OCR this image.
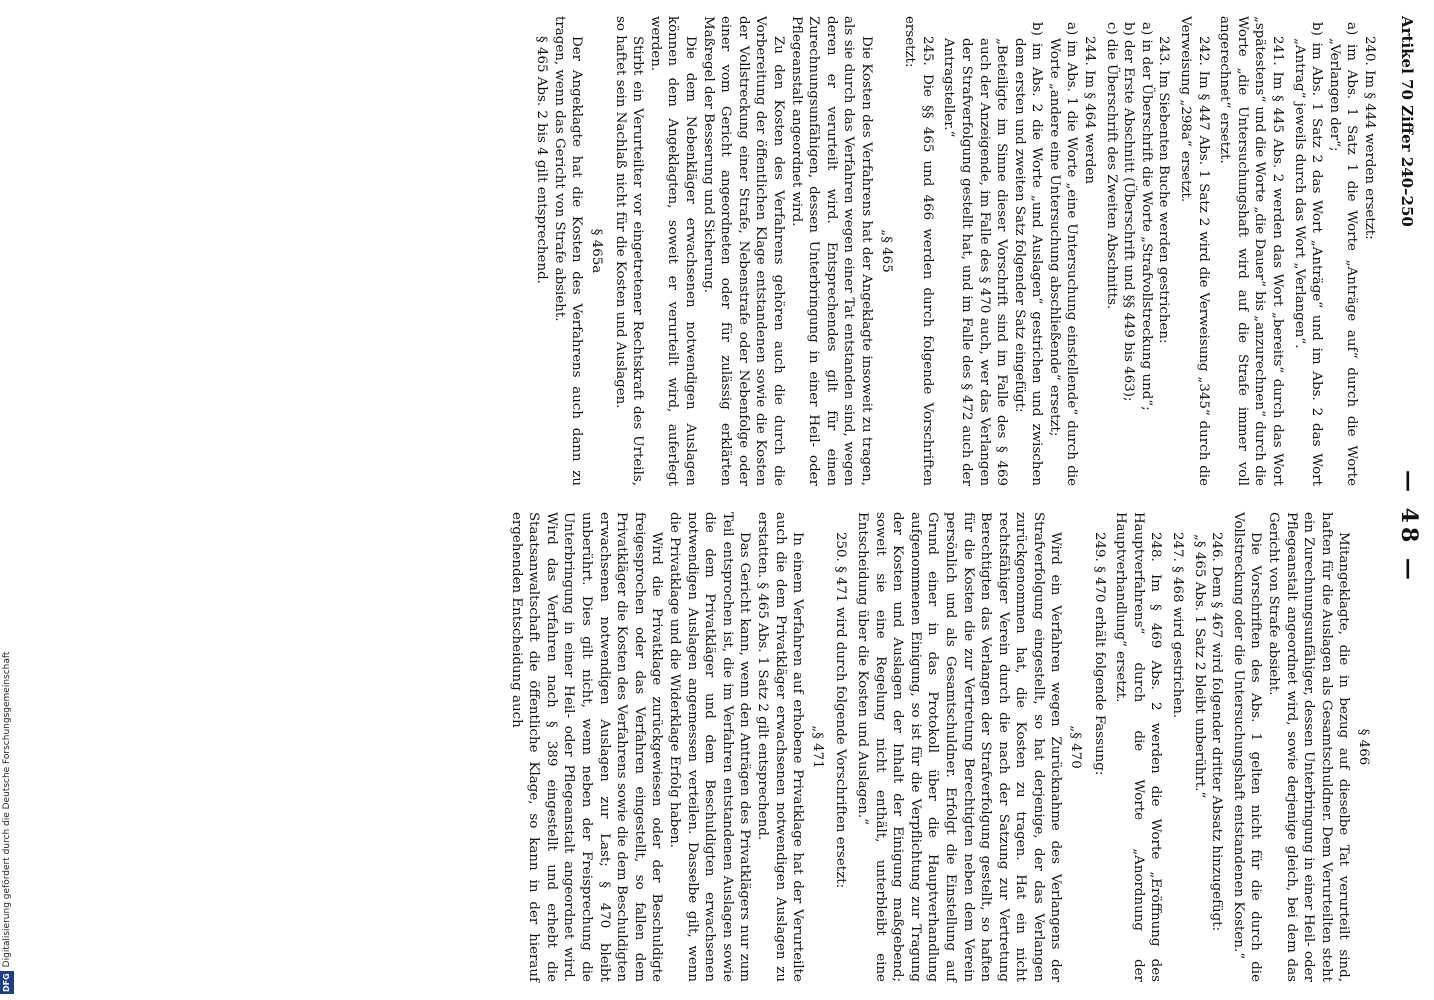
Artikel 70 Ziffer 240–250
— 48 —

240. Im § 444 werden ersetzt:

a) im Abs. 1 Satz 1 die Worte „Anträge auf“ durch die Worte „Verlangen der“;

b) im Abs. 1 Satz 2 das Wort „Anträge“ und im Abs. 2 das Wort „Antrag“ jeweils durch das Wort „Verlangen“.

241. Im § 445 Abs. 2 werden das Wort „bereits“ durch das Wort „spätestens“ und die Worte „die Dauer“ bis „anzurechnen“ durch die Worte „die Untersuchungshaft wird auf die Strafe immer voll angerechnet“ ersetzt.

242. Im § 447 Abs. 1 Satz 2 wird die Verweisung „345“ durch die Verweisung „298a“ ersetzt.

243. Im Siebenten Buche werden gestrichen:

a) in der Überschrift die Worte „Strafvollstreckung und“;

b) der Erste Abschnitt (Überschrift und §§ 449 bis 463);

c) die Überschrift des Zweiten Abschnitts.

244. Im § 464 werden

a) im Abs. 1 die Worte „eine Untersuchung einstellende“ durch die Worte „andere eine Untersuchung abschließende“ ersetzt;

b) im Abs. 2 die Worte „und Auslagen“ gestrichen und zwischen dem ersten und zweiten Satz folgender Satz eingefügt:

„Beteiligte im Sinne dieser Vorschrift sind im Falle des § 469 auch der Anzeigende, im Falle des § 470 auch, wer das Verlangen der Strafverfolgung gestellt hat, und im Falle des § 472 auch der Antragsteller.“

245. Die §§ 465 und 466 werden durch folgende Vorschriften ersetzt:

„§ 465

Die Kosten des Verfahrens hat der Angeklagte insoweit zu tragen, als sie durch das Verfahren wegen einer Tat entstanden sind, wegen deren er verurteilt wird. Entsprechendes gilt für einen Zurechnungsunfähigen, dessen Unterbringung in einer Heil- oder Pflegeanstalt angeordnet wird.

Zu den Kosten des Verfahrens gehören auch die durch die Vorbereitung der öffentlichen Klage entstandenen sowie die Kosten der Vollstreckung einer Strafe, Nebenstrafe oder Nebenfolge oder einer vom Gericht angeordneten oder für zulässig erklärten Maßregel der Besserung und Sicherung.

Die dem Nebenkläger erwachsenen notwendigen Auslagen können dem Angeklagten, soweit er verurteilt wird, auferlegt werden.

Stirbt ein Verurteilter vor eingetretener Rechtskraft des Urteils, so haftet sein Nachlaß nicht für die Kosten und Auslagen.

§ 465a

Der Angeklagte hat die Kosten des Verfahrens auch dann zu tragen, wenn das Gericht von Strafe absieht.

§ 465 Abs. 2 bis 4 gilt entsprechend.

§ 466

Mitangeklagte, die in bezug auf dieselbe Tat verurteilt sind, haften für die Auslagen als Gesamtschuldner. Dem Verurteilten steht ein Zurechnungsunfähiger, dessen Unterbringung in einer Heil- oder Pflegeanstalt angeordnet wird, sowie derjenige gleich, bei dem das Gericht von Strafe absieht.

Die Vorschriften des Abs. 1 gelten nicht für die durch die Vollstreckung oder die Untersuchungshaft entstandenen Kosten.“

246. Dem § 467 wird folgender dritter Absatz hinzugefügt:

„§ 465 Abs. 1 Satz 2 bleibt unberührt.“

247. § 468 wird gestrichen.

248. Im § 469 Abs. 2 werden die Worte „Eröffnung des Hauptverfahrens“ durch die Worte „Anordnung der Hauptverhandlung“ ersetzt.

249. § 470 erhält folgende Fassung:

„§ 470

Wird ein Verfahren wegen Zurücknahme des Verlangens der Strafverfolgung eingestellt, so hat derjenige, der das Verlangen zurückgenommen hat, die Kosten zu tragen. Hat ein nicht rechtsfähiger Verein durch die nach der Satzung zur Vertretung Berechtigten das Verlangen der Strafverfolgung gestellt, so haften für die Kosten die zur Vertretung Berechtigten neben dem Verein persönlich und als Gesamtschuldner. Erfolgt die Einstellung auf Grund einer in das Protokoll über die Hauptverhandlung aufgenommenen Einigung, so ist für die Verpflichtung zur Tragung der Kosten und Auslagen der Inhalt der Einigung maßgebend; soweit sie eine Regelung nicht enthält, unterbleibt eine Entscheidung über die Kosten und Auslagen.“

250. § 471 wird durch folgende Vorschriften ersetzt:

„§ 471

In einem Verfahren auf erhobene Privatklage hat der Verurteilte auch die dem Privatkläger erwachsenen notwendigen Auslagen zu erstatten. § 465 Abs. 1 Satz 2 gilt entsprechend.

Das Gericht kann, wenn den Anträgen des Privatklägers nur zum Teil entsprochen ist, die im Verfahren entstandenen Auslagen sowie die dem Privatkläger und dem Beschuldigten erwachsenen notwendigen Auslagen angemessen verteilen. Dasselbe gilt, wenn die Privatklage und die Widerklage Erfolg haben.

Wird die Privatklage zurückgewiesen oder der Beschuldigte freigesprochen oder das Verfahren eingestellt, so fallen dem Privatkläger die Kosten des Verfahrens sowie die dem Beschuldigten erwachsenen notwendigen Auslagen zur Last; § 470 bleibt unberührt. Dies gilt nicht, wenn neben der Freisprechung die Unterbringung in einer Heil- oder Pflegeanstalt angeordnet wird. Wird das Verfahren nach § 389 eingestellt und erhebt die Staatsanwaltschaft die öffentliche Klage, so kann in der hierauf ergehenden Entscheidung auch

DFGDigitalisierung gefördert durch die Deutsche Forschungsgemeinschaft
